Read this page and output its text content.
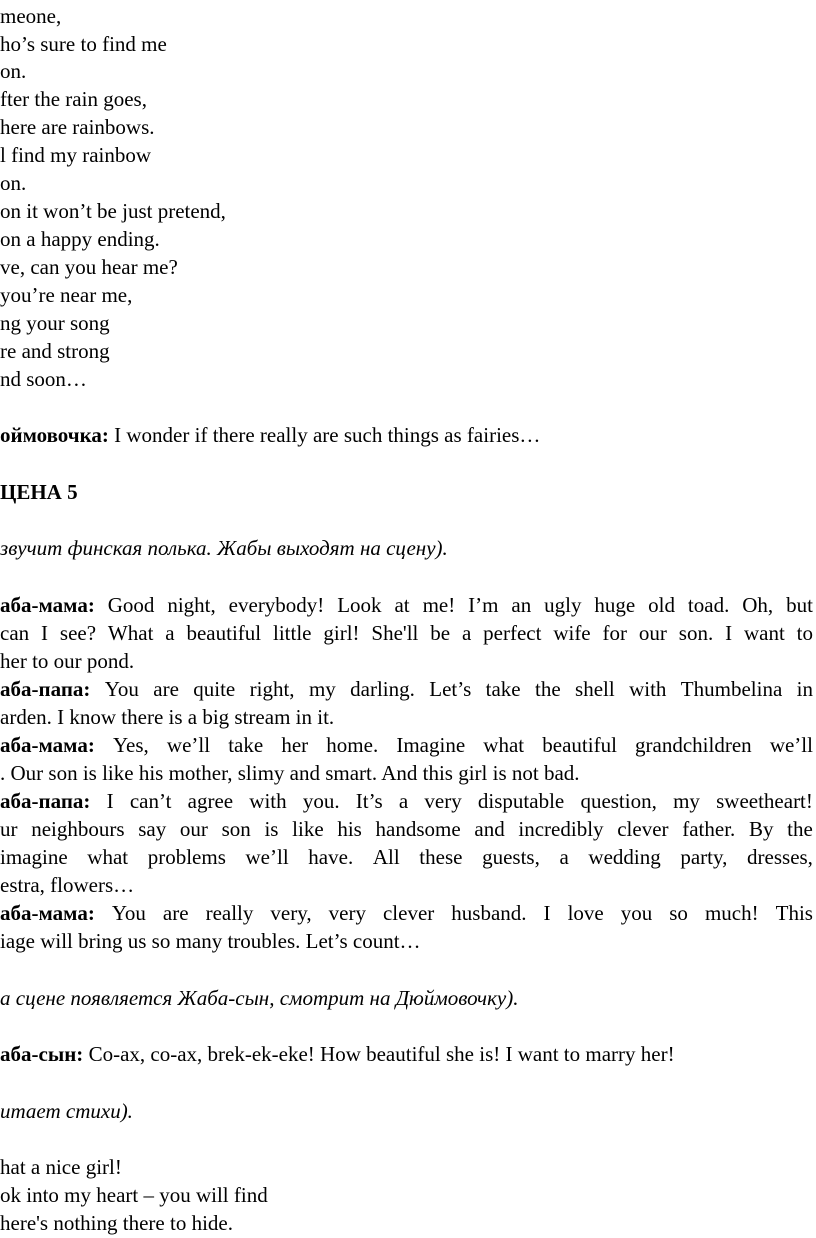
meone,
ho’s sure to find me
on.
fter the rain goes,
here are rainbows.
l find my rainbow
on.
on it won’t be just pretend,
on a happy ending.
ve, can you hear me?
you’re near me,
ng your song
re and strong
nd soon…
оймовочка: I wonder if there really are such things as fairies…
ЦЕНА 5
звучит финская полька. Жабы выходят на сцену).
аба-мама: Good night, everybody! Look at me! I’m an ugly huge old toad. Oh, but
can I see? What a beautiful little girl! She'll be a perfect wife for our son. I want to
her to our pond.
аба-папа: You are quite right, my darling. Let’s take the shell with Thumbelina in
arden. I know there is a big stream in it.
аба-мама: Yes, we’ll take her home. Imagine what beautiful grandchildren we’ll
. Our son is like his mother, slimy and smart. And this girl is not bad.
аба-папа: I can’t agree with you. It’s a very disputable question, my sweetheart!
ur neighbours say our son is like his handsome and incredibly clever father. By the
imagine what problems we’ll have. All these guests, a wedding party, dresses,
estra, flowers…
аба-мама: You are really very, very clever husband. I love you so much! This
iage will bring us so many troubles. Let’s count…
а сцене появляется Жаба-сын, смотрит на Дюймовочку).
аба-сын: Co-ax, co-ax, brek-ek-eke! How beautiful she is! I want to marry her!
итает стихи).
hat a nice girl!
ok into my heart – you will find
here's nothing there to hide.
